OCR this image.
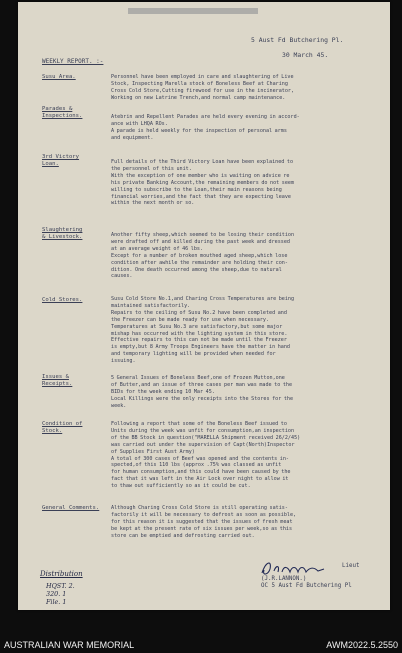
5 Aust Fd Butchering Pl.
30 March 45.
WEEKLY REPORT. :-
Susu Area.	Personnel have been employed in care and slaughtering of Live

Stock, Inspecting Marella stock of Boneless Beef at Charing

Cross Cold Store,Cutting firewood for use in the incinerator,

Working on new Latrine Trench,and normal camp maintenance.

Parades &
Inspections.	Atebrin and Repellent Parades are held every evening in accord-

ance with LHQA ROs.

A parade is held weekly for the inspection of personal arms

and equipment.

3rd Victory
Loan.	Full details of the Third Victory Loan have been explained to

the personnel of this unit.

With the exception of one member who is waiting on advice re

his private Banking Account,the remaining members do not seem

willing to subscribe to the Loan,their main reasons being

financial worries,and the fact that they are expecting leave

within the next month or so.

Slaughtering
& Livestock.	Another fifty sheep,which seemed to be losing their condition

were drafted off and killed during the past week and dressed

at an average weight of 46 lbs.

Except for a number of broken mouthed aged sheep,which lose

condition after awhile the remainder are holding their con-

dition. One death occurred among the sheep,due to natural

causes.

Cold Stores.	Susu Cold Store No.1,and Charing Cross Temperatures are being

maintained satisfactorily.

Repairs to the ceiling of Susu No.2 have been completed and

the Freezer can be made ready for use when necessary.

Temperatures at Susu No.3 are satisfactory,but some major

mishap has occurred with the lighting system in this store.

Effective repairs to this can not be made until the Freezer

is empty,but 8 Army Troops Engineers have the matter in hand

and temporary lighting will be provided when needed for

issuing.

Issues &
Receipts.

5 General Issues of Boneless Beef,one of Frozen Mutton,one

of Butter,and an issue of three cases per man was made to the

BIDs for the week ending 10 Mar 45.

Local Killings were the only receipts into the Stores for the

week.

Condition of
Stock.

Following a report that some of the Boneless Beef issued to

Units during the week was unfit for consumption,an inspection

of the BB Stock in question("MARELLA Shipment received 26/2/45)

was carried out under the supervision of Capt(North)Inspector

of Supplies First Aust Army)

A total of 300 cases of Beef was opened and the contents in-

spected,of this 110 lbs (approx .75% was classed as unfit

for human consumption,and this could have been caused by the

fact that it was left in the Air Lock over night to allow it

to thaw out sufficiently so as it could be cut.

General Comments.	Although Charing Cross Cold Store is still operating satis-

factorily it will be necessary to defrost as soon as possible,

for this reason it is suggested that the issues of fresh meat

be kept at the present rate of six issues per week,so as this

store can be emptied and defrosting carried out.

Distribution
HQST. 2.
320. 1
File. 1
Lieut
(J.R.LANNON.)
OC 5 Aust Fd Butchering Pl
AUSTRALIAN WAR MEMORIAL	AWM2022.5.2550
